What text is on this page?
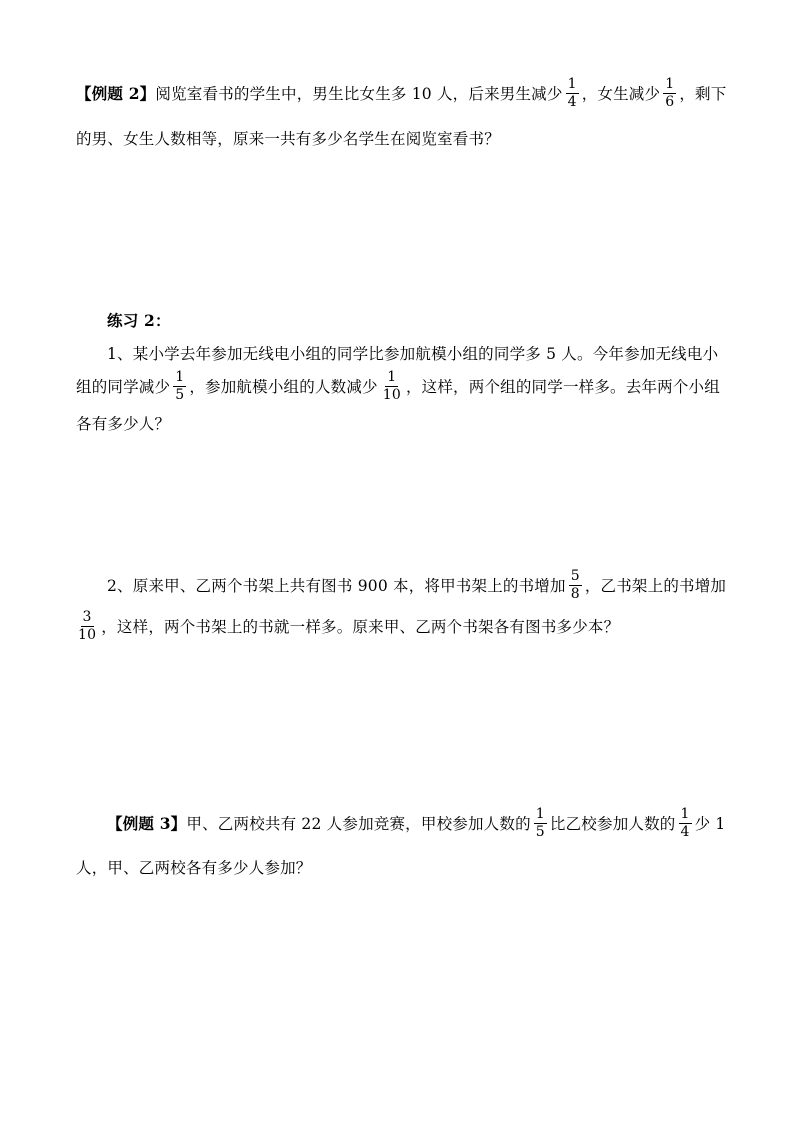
【例题 2】 阅览室看书的学生中，男生比女生多 10 人，后来男生减少 $\frac{1}{4}$ ，女生减少 $\frac{1}{6}$ ，剩下
的男、女生人数相等，原来一共有多少名学生在阅览室看书？
练习 2：
1、某小学去年参加无线电小组的同学比参加航模小组的同学多 5 人。今年参加无线电小
组的同学减少 $\frac{1}{5}$ ，参加航模小组的人数减少 $\frac{1}{10}$ ，这样，两个组的同学一样多。去年两个小组
各有多少人？
2、原来甲、乙两个书架上共有图书 900 本，将甲书架上的书增加 $\frac{5}{8}$ ，乙书架上的书增加
$\frac{3}{10}$ ，这样，两个书架上的书就一样多。原来甲、乙两个书架各有图书多少本？
【例题 3】 甲、乙两校共有 22 人参加竞赛，甲校参加人数的 $\frac{1}{5}$ 比乙校参加人数的 $\frac{1}{4}$ 少 1
人，甲、乙两校各有多少人参加？
